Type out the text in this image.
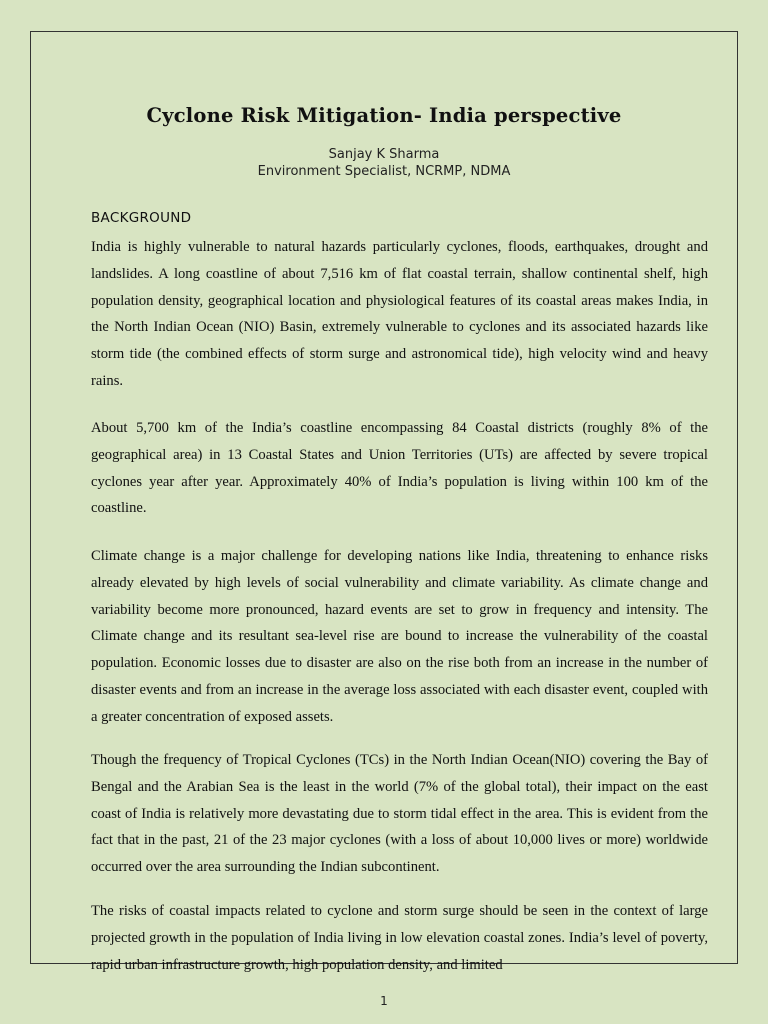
Cyclone Risk Mitigation- India perspective
Sanjay K Sharma
Environment Specialist, NCRMP, NDMA
BACKGROUND

India is highly vulnerable to natural hazards particularly cyclones, floods, earthquakes, drought and landslides. A long coastline of about 7,516 km of flat coastal terrain, shallow continental shelf, high population density, geographical location and physiological features of its coastal areas makes India, in the North Indian Ocean (NIO) Basin, extremely vulnerable to cyclones and its associated hazards like storm tide (the combined effects of storm surge and astronomical tide), high velocity wind and heavy rains.

About 5,700 km of the India’s coastline encompassing 84 Coastal districts (roughly 8% of the geographical area) in 13 Coastal States and Union Territories (UTs) are affected by severe tropical cyclones year after year. Approximately 40% of India’s population is living within 100 km of the coastline.

Climate change is a major challenge for developing nations like India, threatening to enhance risks already elevated by high levels of social vulnerability and climate variability. As climate change and variability become more pronounced, hazard events are set to grow in frequency and intensity. The Climate change and its resultant sea-level rise are bound to increase the vulnerability of the coastal population. Economic losses due to disaster are also on the rise both from an increase in the number of disaster events and from an increase in the average loss associated with each disaster event, coupled with a greater concentration of exposed assets.

Though the frequency of Tropical Cyclones (TCs) in the North Indian Ocean(NIO) covering the Bay of Bengal and the Arabian Sea is the least in the world (7% of the global total), their impact on the east coast of India is relatively more devastating due to storm tidal effect in the area. This is evident from the fact that in the past, 21 of the 23 major cyclones (with a loss of about 10,000 lives or more) worldwide occurred over the area surrounding the Indian subcontinent.

The risks of coastal impacts related to cyclone and storm surge should be seen in the context of large projected growth in the population of India living in low elevation coastal zones. India’s level of poverty, rapid urban infrastructure growth, high population density, and limited

1
